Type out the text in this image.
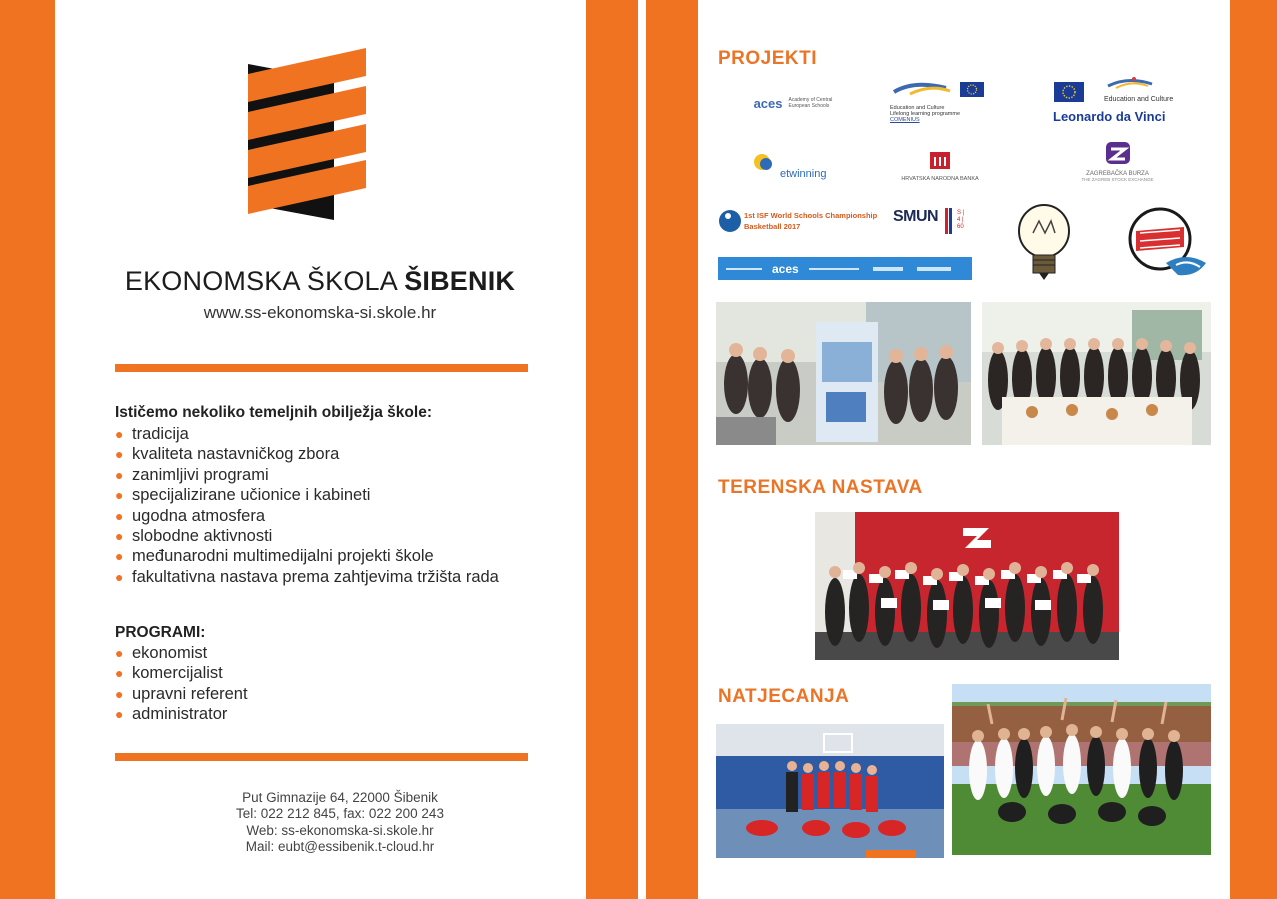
EKONOMSKA ŠKOLA ŠIBENIK
www.ss-ekonomska-si.skole.hr
Ističemo nekoliko temeljnih obilježja škole:
● tradicija
● kvaliteta nastavničkog zbora
● zanimljivi programi
● specijalizirane učionice i kabineti
● ugodna atmosfera
● slobodne aktivnosti
● međunarodni multimedijalni projekti škole
● fakultativna nastava prema zahtjevima tržišta rada
PROGRAMI:
● ekonomist
● komercijalist
● upravni referent
● administrator
Put Gimnazije 64, 22000 Šibenik
Tel: 022 212 845, fax: 022 200 243
Web: ss-ekonomska-si.skole.hr
Mail: eubt@essibenik.t-cloud.hr
PROJEKTI
aces Academy of Central
European Schools	Education and Culture
Lifelong learning programme
COMENIUS
Education and Culture
Leonardo da Vinci
etwinning	HRVATSKA NARODNA BANKA
ZAGREBAČKA BURZA
THE ZAGREB STOCK EXCHANGE
1st ISF World Schools Championship
Basketball 2017
SMUN	S | 4 | 60
aces
TERENSKA NASTAVA
NATJECANJA
